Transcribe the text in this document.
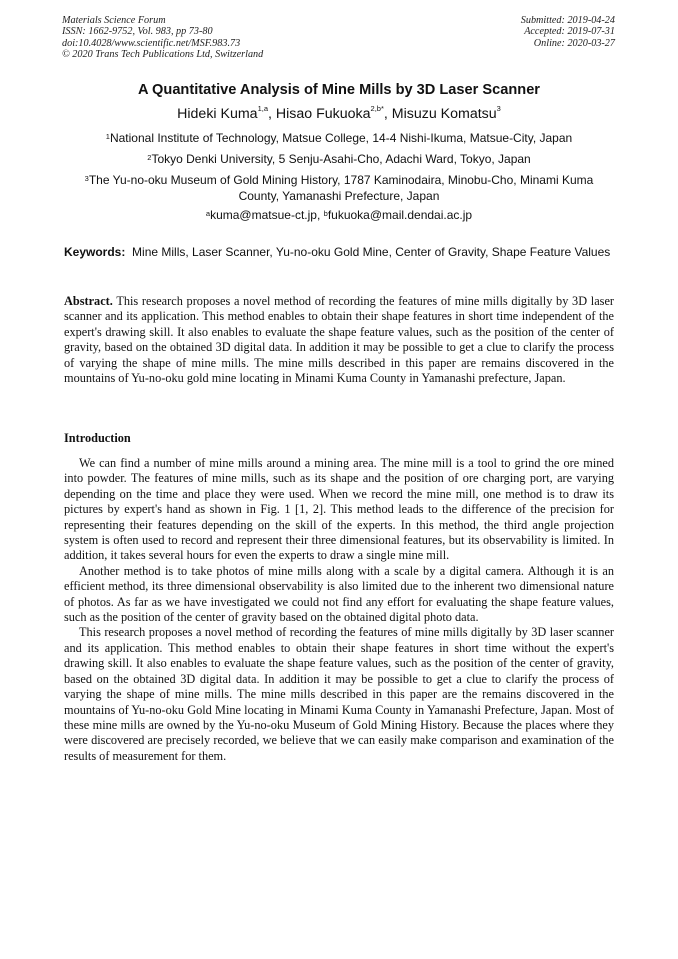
Materials Science Forum
ISSN: 1662-9752, Vol. 983, pp 73-80
doi:10.4028/www.scientific.net/MSF.983.73
© 2020 Trans Tech Publications Ltd, Switzerland
Submitted: 2019-04-24
Accepted: 2019-07-31
Online: 2020-03-27
A Quantitative Analysis of Mine Mills by 3D Laser Scanner
Hideki Kuma$^{1,a}$, Hisao Fukuoka$^{2,b*}$, Misuzu Komatsu$^3$
$^1$National Institute of Technology, Matsue College, 14-4 Nishi-Ikuma, Matsue-City, Japan
$^2$Tokyo Denki University, 5 Senju-Asahi-Cho, Adachi Ward, Tokyo, Japan
$^3$The Yu-no-oku Museum of Gold Mining History, 1787 Kaminodaira, Minobu-Cho, Minami Kuma County, Yamanashi Prefecture, Japan
$^a$kuma@matsue-ct.jp, $^b$fukuoka@mail.dendai.ac.jp
Keywords: Mine Mills, Laser Scanner, Yu-no-oku Gold Mine, Center of Gravity, Shape Feature Values
Abstract. This research proposes a novel method of recording the features of mine mills digitally by 3D laser scanner and its application. This method enables to obtain their shape features in short time independent of the expert's drawing skill. It also enables to evaluate the shape feature values, such as the position of the center of gravity, based on the obtained 3D digital data. In addition it may be possible to get a clue to clarify the process of varying the shape of mine mills. The mine mills described in this paper are remains discovered in the mountains of Yu-no-oku gold mine locating in Minami Kuma County in Yamanashi prefecture, Japan.
Introduction

We can find a number of mine mills around a mining area. The mine mill is a tool to grind the ore mined into powder. The features of mine mills, such as its shape and the position of ore charging port, are varying depending on the time and place they were used. When we record the mine mill, one method is to draw its pictures by expert's hand as shown in Fig. 1 [1, 2]. This method leads to the difference of the precision for representing their features depending on the skill of the experts. In this method, the third angle projection system is often used to record and represent their three dimensional features, but its observability is limited. In addition, it takes several hours for even the experts to draw a single mine mill.

Another method is to take photos of mine mills along with a scale by a digital camera. Although it is an efficient method, its three dimensional observability is also limited due to the inherent two dimensional nature of photos. As far as we have investigated we could not find any effort for evaluating the shape feature values, such as the position of the center of gravity based on the obtained digital photo data.

This research proposes a novel method of recording the features of mine mills digitally by 3D laser scanner and its application. This method enables to obtain their shape features in short time without the expert's drawing skill. It also enables to evaluate the shape feature values, such as the position of the center of gravity, based on the obtained 3D digital data. In addition it may be possible to get a clue to clarify the process of varying the shape of mine mills. The mine mills described in this paper are the remains discovered in the mountains of Yu-no-oku Gold Mine locating in Minami Kuma County in Yamanashi Prefecture, Japan. Most of these mine mills are owned by the Yu-no-oku Museum of Gold Mining History. Because the places where they were discovered are precisely recorded, we believe that we can easily make comparison and examination of the results of measurement for them.
